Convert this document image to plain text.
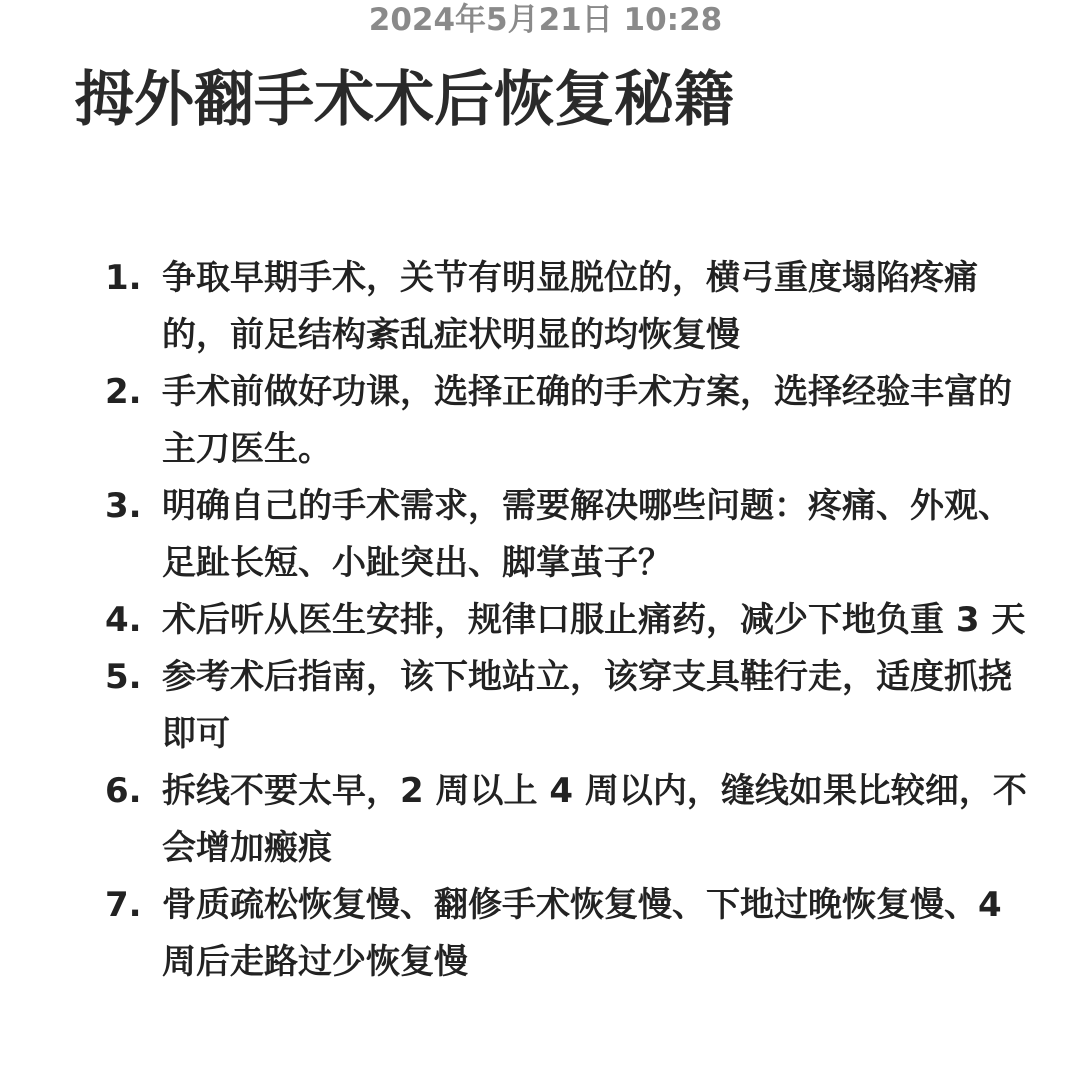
2024年5月21日 10:28
拇外翻手术术后恢复秘籍
1. 争取早期手术，关节有明显脱位的，横弓重度塌陷疼痛的，前足结构紊乱症状明显的均恢复慢
2. 手术前做好功课，选择正确的手术方案，选择经验丰富的主刀医生。
3. 明确自己的手术需求，需要解决哪些问题：疼痛、外观、足趾长短、小趾突出、脚掌茧子？
4. 术后听从医生安排，规律口服止痛药，减少下地负重 3 天
5. 参考术后指南，该下地站立，该穿支具鞋行走，适度抓挠即可
6. 拆线不要太早，2 周以上 4 周以内，缝线如果比较细，不会增加瘢痕
7. 骨质疏松恢复慢、翻修手术恢复慢、下地过晚恢复慢、4 周后走路过少恢复慢
